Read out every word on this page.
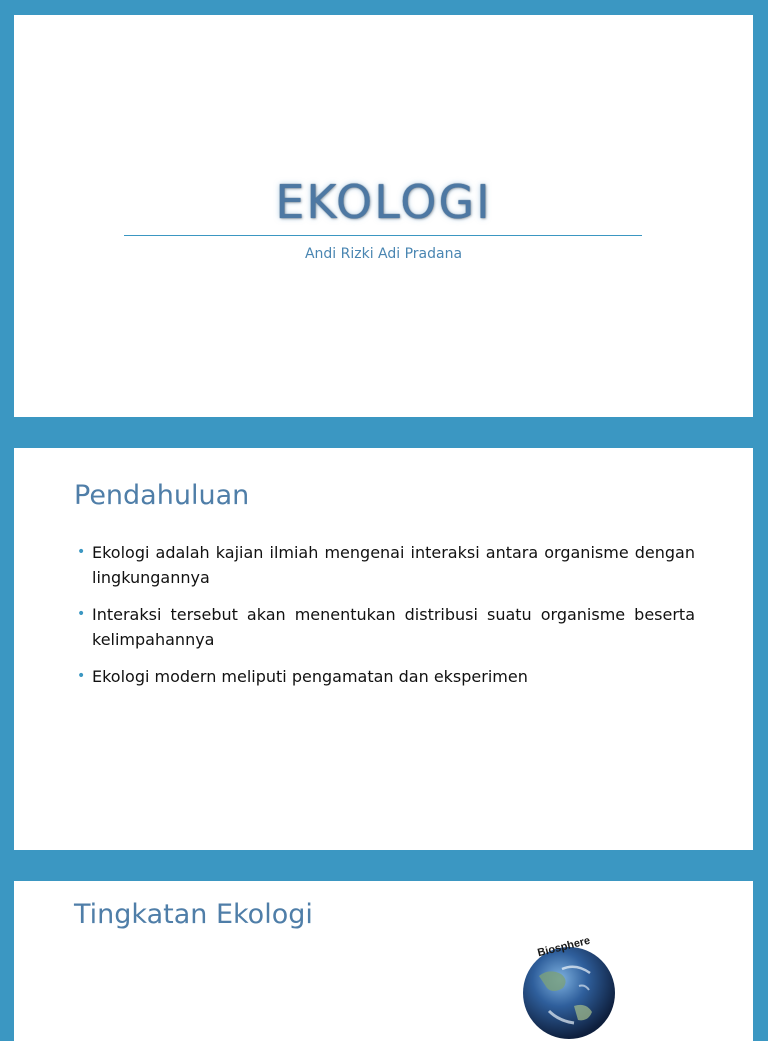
EKOLOGI
Andi Rizki Adi Pradana
Pendahuluan
• Ekologi adalah kajian ilmiah mengenai interaksi antara organisme dengan lingkungannya
• Interaksi tersebut akan menentukan distribusi suatu organisme beserta kelimpahannya
• Ekologi modern meliputi pengamatan dan eksperimen
Tingkatan Ekologi
Biosphere
